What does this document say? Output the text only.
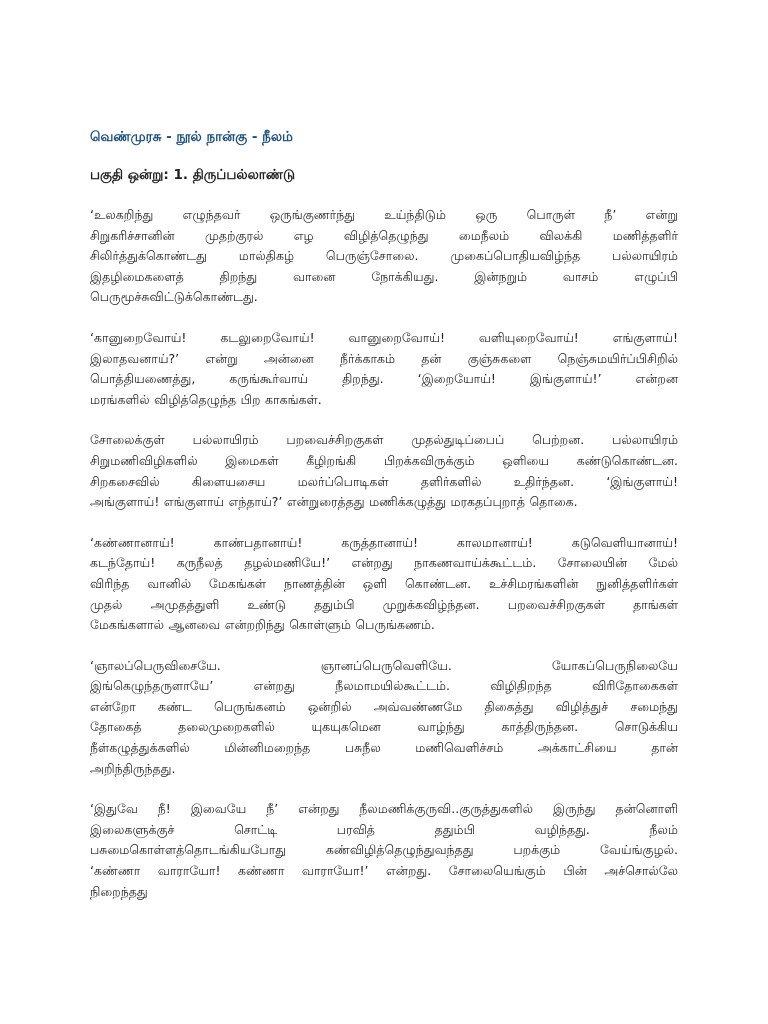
வெண்முரசு - நூல் நான்கு - நீலம்
பகுதி ஒன்று: 1. திருப்பல்லாண்டு
‘உலகறிந்து எழுந்தவர் ஒருங்குணர்ந்து உய்ந்திடும் ஒரு பொருள் நீ’ என்று
சிறுகரிச்சானின் முதற்குரல் எழ விழித்தெழுந்து மைநீலம் விலக்கி மணித்தளிர்
சிலிர்த்துக்கொண்டது மால்திகழ் பெருஞ்சோலை. முகைப்பொதியவிழ்ந்த பல்லாயிரம்
இதழிமைகளைத் திறந்து வானை நோக்கியது. இன்நறும் வாசம் எழுப்பி
பெருமூச்சுவிட்டுக்கொண்டது.
‘கானுறைவோய்! கடலுறைவோய்! வானுறைவோய்! வளியுறைவோய்! எங்குளாய்!
இலாதவனாய்?’ என்று அன்னை நீர்க்காகம் தன் குஞ்சுகளை நெஞ்சுமயிர்ப்பிசிறில்
பொத்தியணைத்து, கருங்கூர்வாய் திறந்து. ‘இறையோய்! இங்குளாய்!’ என்றன
மரங்களில் விழித்தெழுந்த பிற காகங்கள்.
சோலைக்குள் பல்லாயிரம் பறவைச்சிறகுகள் முதல்துடிப்பைப் பெற்றன. பல்லாயிரம்
சிறுமணிவிழிகளில் இமைகள் கீழிறங்கி பிறக்கவிருக்கும் ஒளியை கண்டுகொண்டன.
சிறகசைவில் கிளையசைய மலர்ப்பொடிகள் தளிர்களில் உதிர்ந்தன. ‘இங்குளாய்!
அங்குளாய்! எங்குளாய் எந்தாய்?’ என்றுரைத்தது மணிக்கழுத்து மரகதப்புறாத் தொகை.
‘கண்ணானாய்! காண்பதானாய்! கருத்தானாய்! காலமானாய்! கடுவெளியானாய்!
கடந்தோய்! கருநீலத் தழல்மணியே!’ என்றது நாகணவாய்க்கூட்டம். சோலையின் மேல்
விரிந்த வானில் மேகங்கள் நாணத்தின் ஒளி கொண்டன. உச்சிமரங்களின் நுனித்தளிர்கள்
முதல் அமுதத்துளி உண்டு ததும்பி முறுக்கவிழ்ந்தன. பறவைச்சிறகுகள் தாங்கள்
மேகங்களால் ஆனவை என்றறிந்து கொள்ளும் பெருங்கணம்.
‘ஞாலப்பெருவிசையே. ஞானப்பெருவெளியே. யோகப்பெருநிலையே
இங்கெழுந்தருளாயே’ என்றது நீலமாமயில்கூட்டம். விழிதிறந்த விரிதோகைகள்
என்றோ கண்ட பெருங்கனம் ஒன்றில் அவ்வண்ணமே திகைத்து விழித்துச் சமைந்து
தோகைத் தலைமுறைகளில் யுகயுகமென வாழ்ந்து காத்திருந்தன. சொடுக்கிய
நீள்கழுத்துக்களில் மின்னிமறைந்த பசுநீல மணிவெளிச்சம் அக்காட்சியை தான்
அறிந்திருந்தது.
‘இதுவே நீ! இவையே நீ’ என்றது நீலமணிக்குருவி..குருத்துகளில் இருந்து தன்னொளி
இலைகளுக்குச் சொட்டி பரவித் ததும்பி வழிந்தது. நீலம்
பசுமைகொள்ளத்தொடங்கியபோது கண்விழித்தெழுந்துவந்தது பறக்கும் வேய்ங்குழல்.
‘கண்ணா வாராயோ! கண்ணா வாராயோ!’ என்றது. சோலையெங்கும் பின் அச்சொல்லே
நிறைந்தது
